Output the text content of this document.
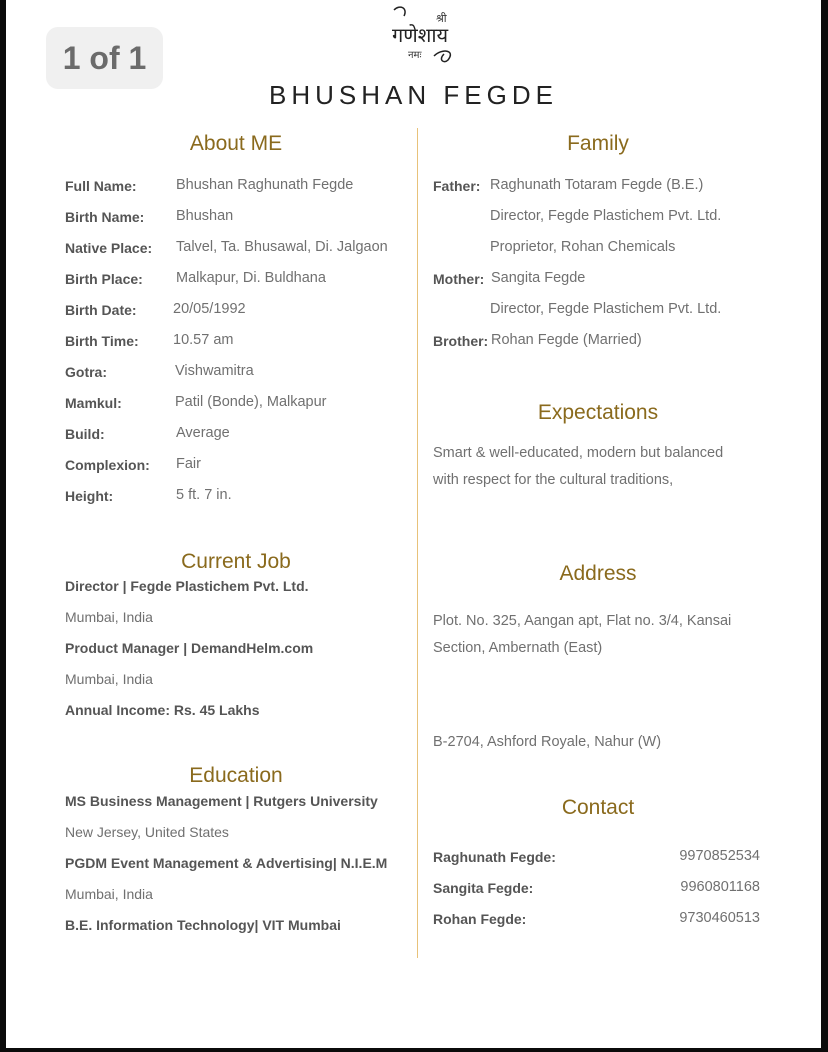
1 of 1
श्री
गणेशाय
नमः
BHUSHAN FEGDE
About ME
Full Name:	Bhushan Raghunath Fegde
Birth Name: Bhushan
Native Place: Talvel, Ta. Bhusawal, Di. Jalgaon
Birth Place: Malkapur, Di. Buldhana
Birth Date:	20/05/1992
Birth Time: 10.57 am
Gotra:	Vishwamitra
Mamkul:	Patil (Bonde), Malkapur
Build:	Average
Complexion: Fair
Height:	5 ft. 7 in.
Current Job
Director | Fegde Plastichem Pvt. Ltd.
Mumbai, India
Product Manager | DemandHelm.com
Mumbai, India
Annual Income: Rs. 45 Lakhs
Education
MS Business Management | Rutgers University
New Jersey, United States
PGDM Event Management & Advertising| N.I.E.M
Mumbai, India
B.E. Information Technology| VIT Mumbai
Family
Father: Raghunath Totaram Fegde (B.E.)
Director, Fegde Plastichem Pvt. Ltd.
Proprietor, Rohan Chemicals
Mother: Sangita Fegde
Director, Fegde Plastichem Pvt. Ltd.
Brother: Rohan Fegde (Married)
Expectations
Smart & well-educated, modern but balanced with respect for the cultural traditions,
Address
Plot. No. 325, Aangan apt, Flat no. 3/4, Kansai Section, Ambernath (East)
B-2704, Ashford Royale, Nahur (W)
Contact
Raghunath Fegde:	9970852534
Sangita Fegde:	9960801168
Rohan Fegde:	9730460513
